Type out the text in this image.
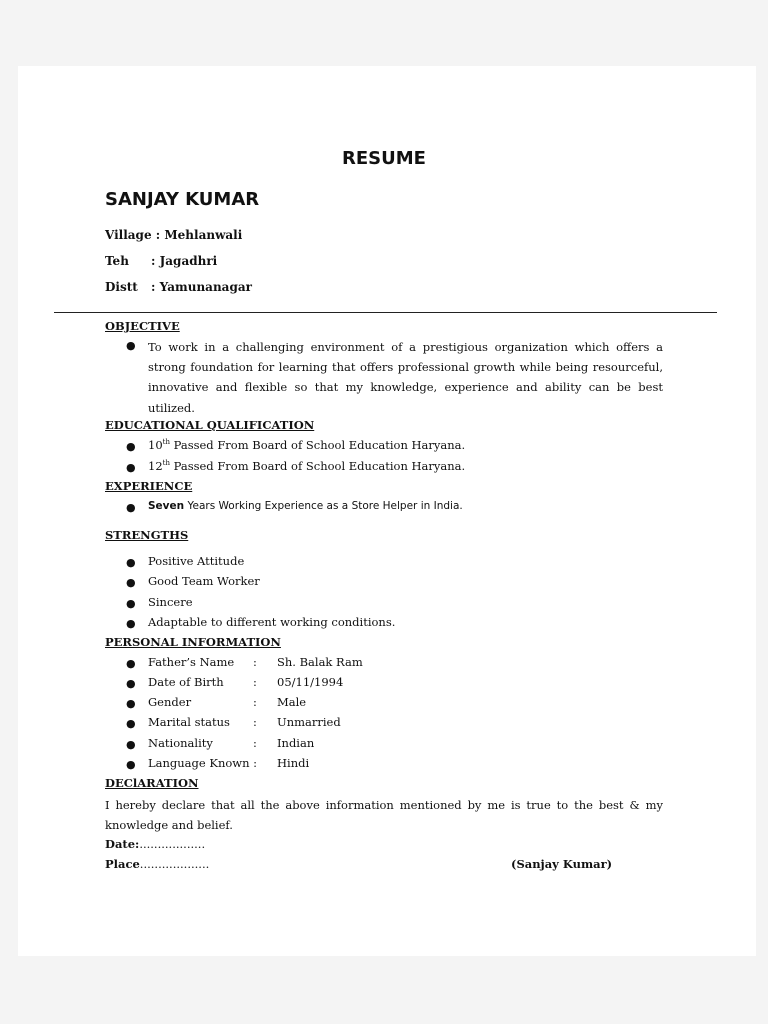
RESUME
SANJAY KUMAR
Village : Mehlanwali
Teh : Jagadhri
Distt : Yamunanagar
OBJECTIVE
● To work in a challenging environment of a prestigious organization which offers a strong foundation for learning that offers professional growth while being resourceful, innovative and flexible so that my knowledge, experience and ability can be best utilized.
EDUCATIONAL QUALIFICATION
● 10th Passed From Board of School Education Haryana.
● 12th Passed From Board of School Education Haryana.
EXPERIENCE
● Seven Years Working Experience as a Store Helper in India.
STRENGTHS
● Positive Attitude
● Good Team Worker
● Sincere
● Adaptable to different working conditions.
PERSONAL INFORMATION
● Father’s Name : Sh. Balak Ram
● Date of Birth	: 05/11/1994
● Gender	: Male
● Marital status : Unmarried
● Nationality	: Indian
● Language Known : Hindi
DEClARATION
I hereby declare that all the above information mentioned by me is true to the best & my knowledge and belief.
Date:..................
Place...................	(Sanjay Kumar)
